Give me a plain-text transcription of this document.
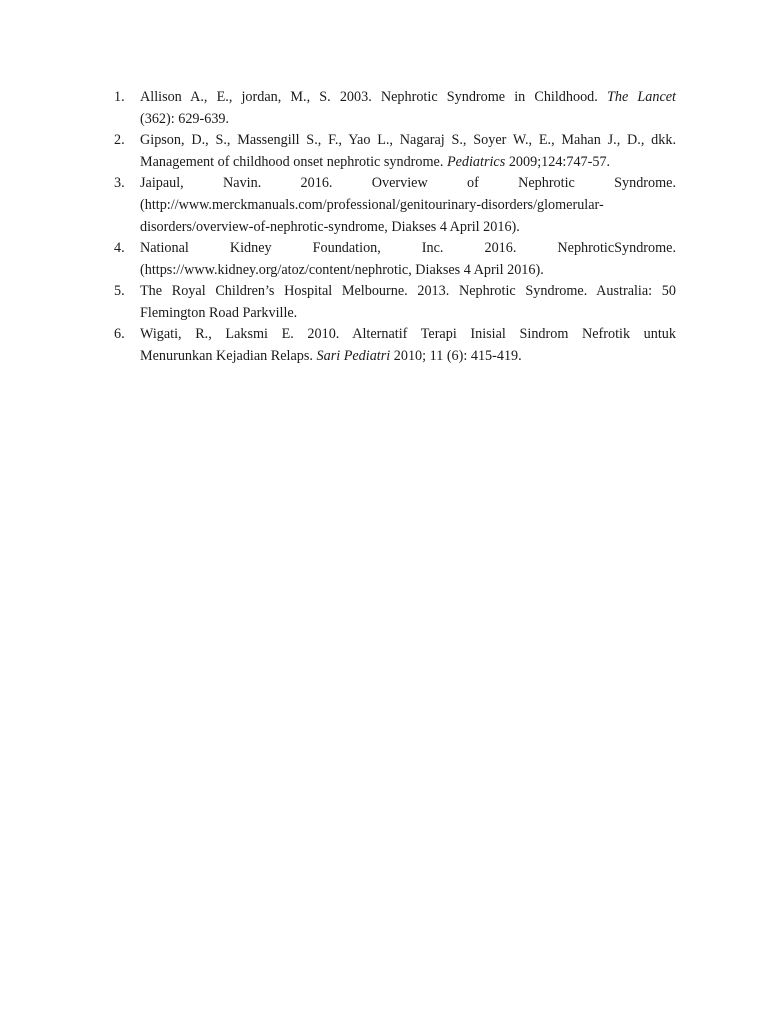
1.	Allison A., E., jordan, M., S. 2003. Nephrotic Syndrome in Childhood. The Lancet
(362): 629-639.
2.	Gipson, D., S., Massengill S., F., Yao L., Nagaraj S., Soyer W., E., Mahan J., D., dkk.
Management of childhood onset nephrotic syndrome. Pediatrics 2009;124:747-57.
3.	Jaipaul, Navin. 2016. Overview of Nephrotic Syndrome.
(http://www.merckmanuals.com/professional/genitourinary-disorders/glomerular-
disorders/overview-of-nephrotic-syndrome, Diakses 4 April 2016).
4.	National Kidney Foundation, Inc. 2016. NephroticSyndrome.
(https://www.kidney.org/atoz/content/nephrotic, Diakses 4 April 2016).
5.	The Royal Children’s Hospital Melbourne. 2013. Nephrotic Syndrome. Australia: 50
Flemington Road Parkville.
6.	Wigati, R., Laksmi E. 2010. Alternatif Terapi Inisial Sindrom Nefrotik untuk
Menurunkan Kejadian Relaps. Sari Pediatri 2010; 11 (6): 415-419.
